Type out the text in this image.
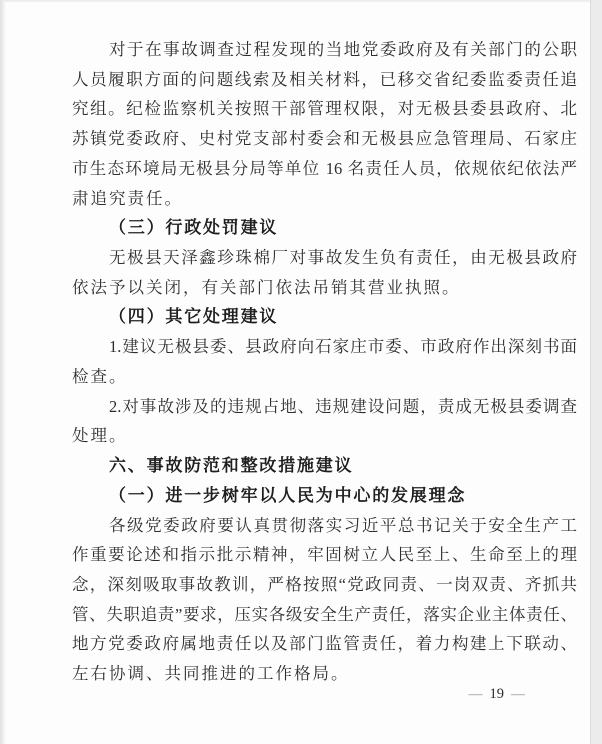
对于在事故调查过程发现的当地党委政府及有关部门的公职
人员履职方面的问题线索及相关材料，已移交省纪委监委责任追
究组。纪检监察机关按照干部管理权限，对无极县委县政府、北
苏镇党委政府、史村党支部村委会和无极县应急管理局、石家庄
市生态环境局无极县分局等单位 16 名责任人员，依规依纪依法严
肃追究责任。
（三）行政处罚建议
无极县天泽鑫珍珠棉厂对事故发生负有责任，由无极县政府
依法予以关闭，有关部门依法吊销其营业执照。
（四）其它处理建议
1.建议无极县委、县政府向石家庄市委、市政府作出深刻书面
检查。
2.对事故涉及的违规占地、违规建设问题，责成无极县委调查
处理。
六、事故防范和整改措施建议
（一）进一步树牢以人民为中心的发展理念
各级党委政府要认真贯彻落实习近平总书记关于安全生产工
作重要论述和指示批示精神，牢固树立人民至上、生命至上的理
念，深刻吸取事故教训，严格按照“党政同责、一岗双责、齐抓共
管、失职追责”要求，压实各级安全生产责任，落实企业主体责任、
地方党委政府属地责任以及部门监管责任，着力构建上下联动、
左右协调、共同推进的工作格局。
— 19 —
